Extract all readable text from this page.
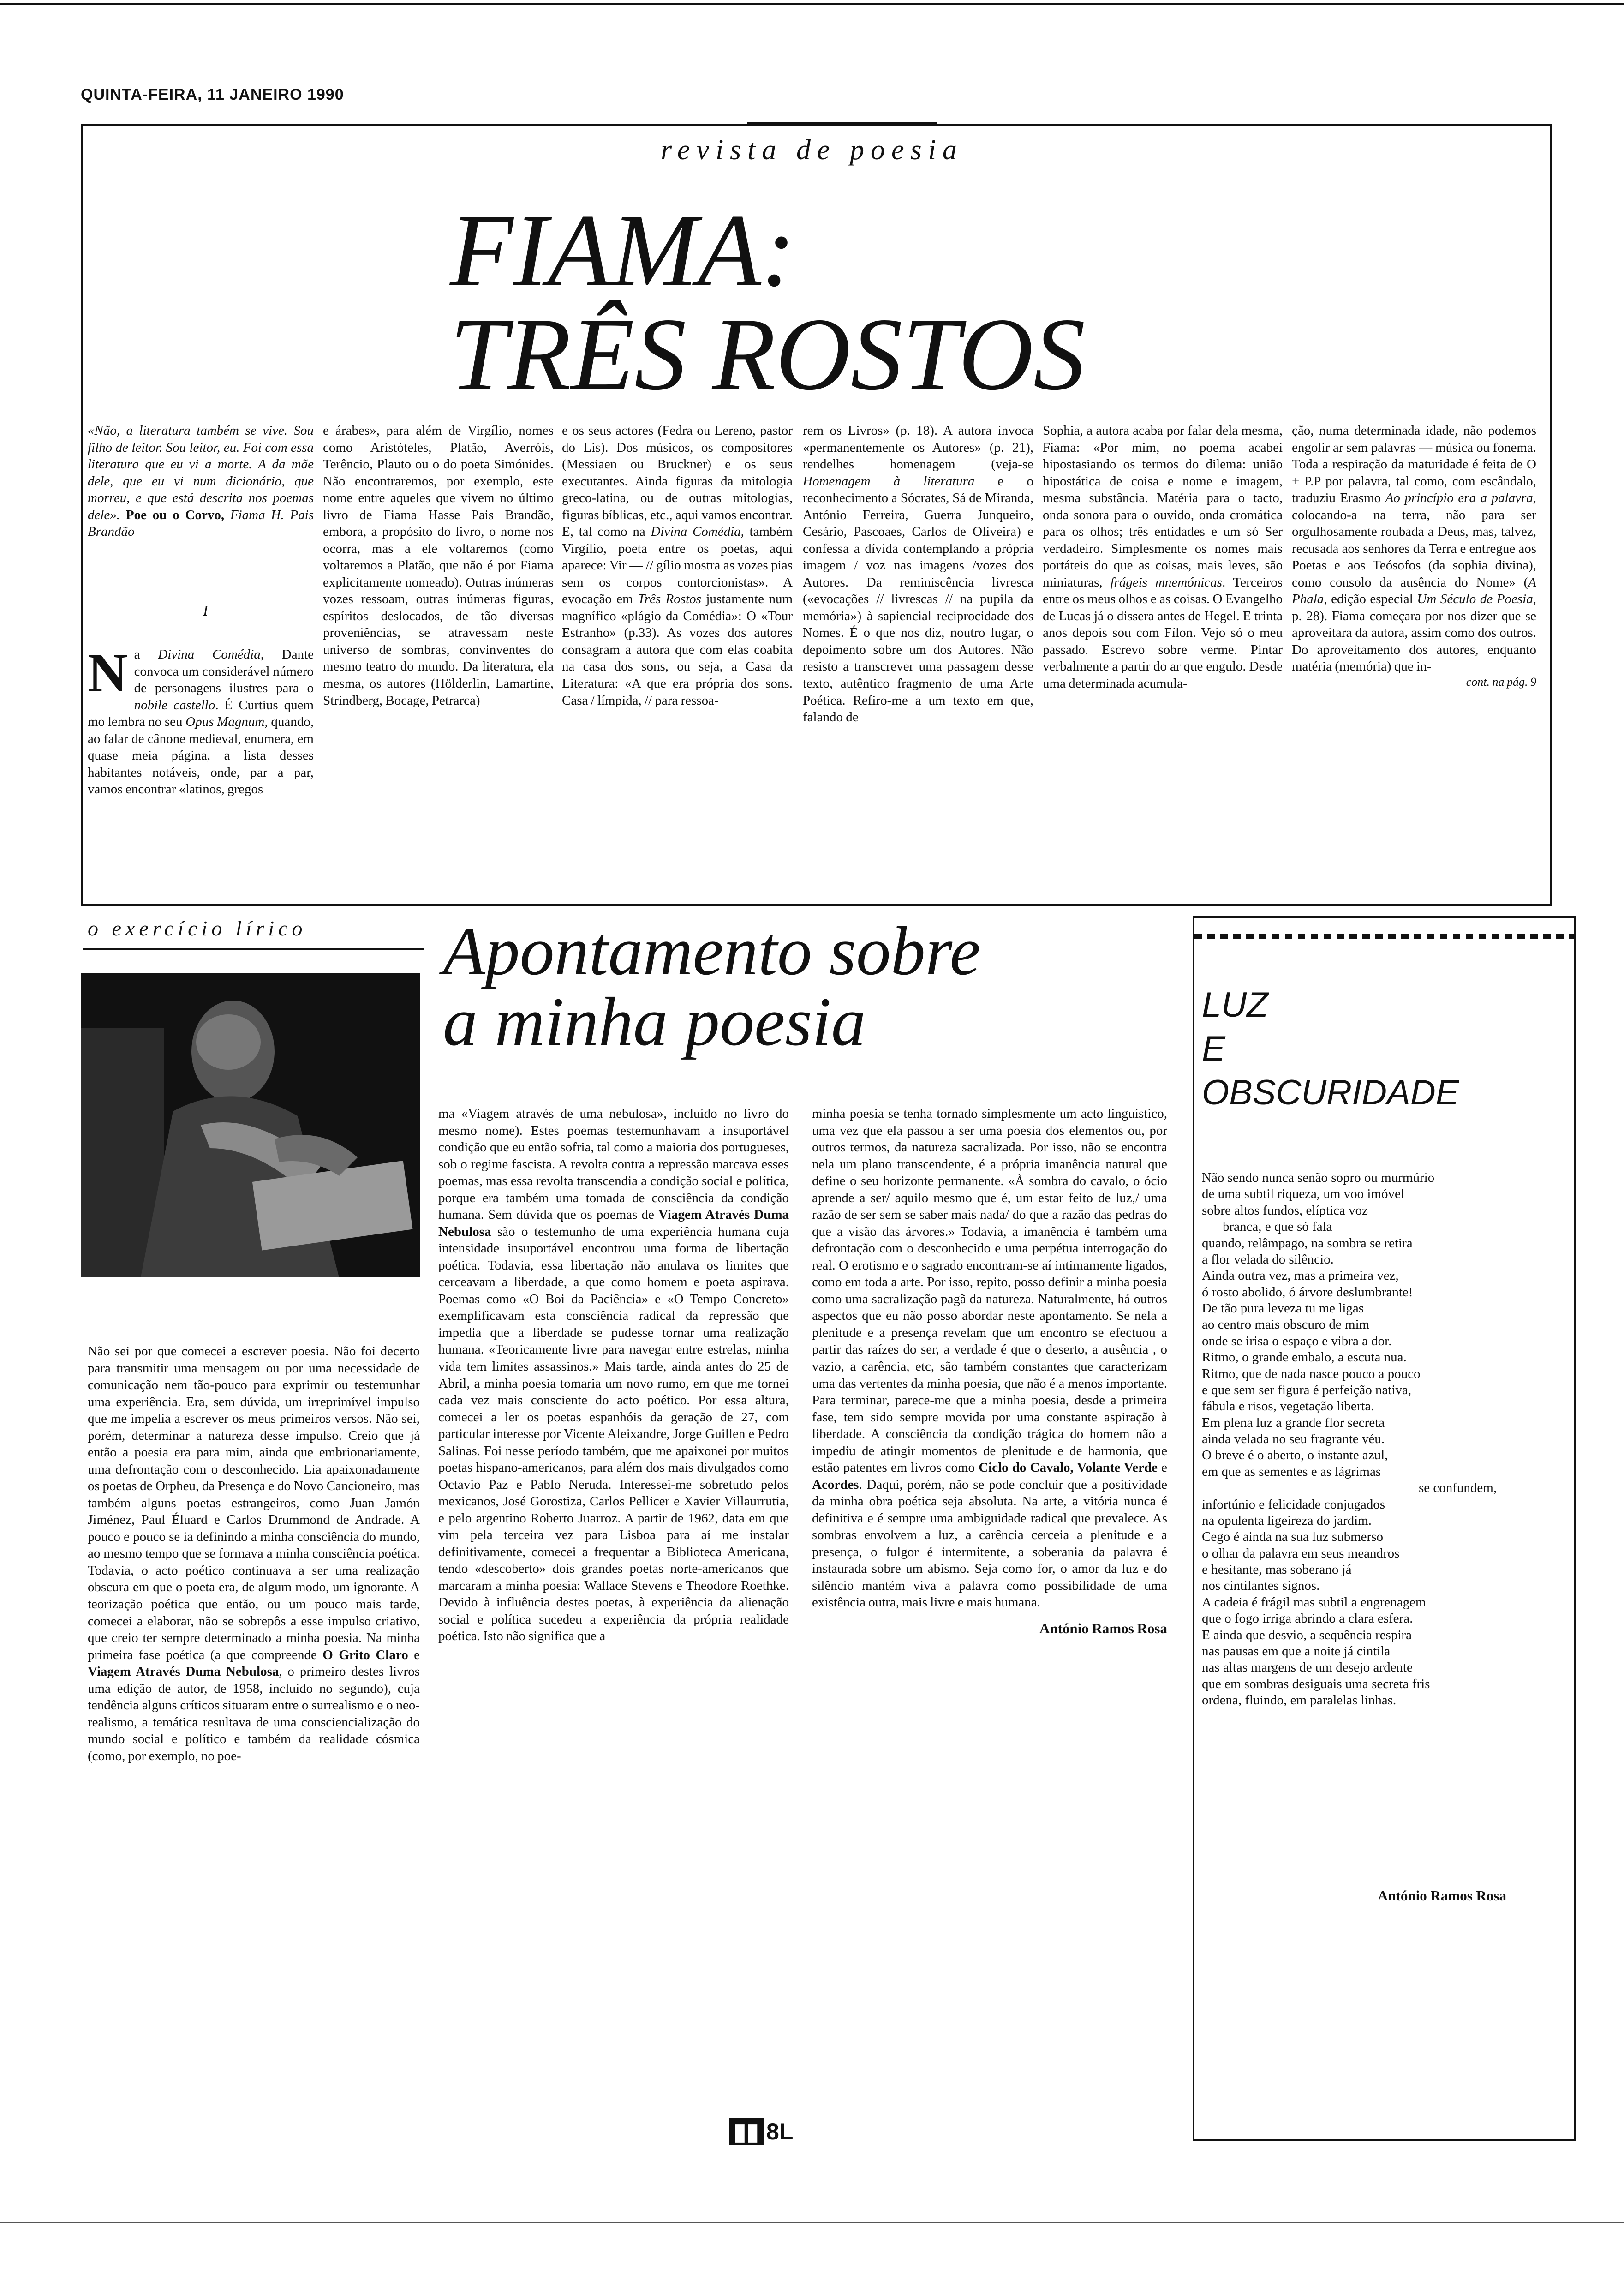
QUINTA-FEIRA, 11 JANEIRO 1990
revista de poesia
FIAMA:
TRÊS ROSTOS
«Não, a literatura também se vive. Sou filho de leitor. Sou leitor, eu. Foi com essa literatura que eu vi a morte. A da mãe dele, que eu vi num dicionário, que morreu, e que está descrita nos poemas dele». Poe ou o Corvo, Fiama H. Pais Brandão
I

Na Divina Comédia, Dante convoca um considerável número de personagens ilustres para o nobile castello. É Curtius quem mo lembra no seu Opus Magnum, quando, ao falar de cânone medieval, enumera, em quase meia página, a lista desses habitantes notáveis, onde, par a par, vamos encontrar «latinos, gregos

e árabes», para além de Virgílio, nomes como Aristóteles, Platão, Averróis, Terêncio, Plauto ou o do poeta Simónides. Não encontraremos, por exemplo, este nome entre aqueles que vivem no último livro de Fiama Hasse Pais Brandão, embora, a propósito do livro, o nome nos ocorra, mas a ele voltaremos (como voltaremos a Platão, que não é por Fiama explicitamente nomeado). Outras inúmeras vozes ressoam, outras inúmeras figuras, espíritos deslocados, de tão diversas proveniências, se atravessam neste universo de sombras, convinventes do mesmo teatro do mundo. Da literatura, ela mesma, os autores (Hölderlin, Lamartine, Strindberg, Bocage, Petrarca)

e os seus actores (Fedra ou Lereno, pastor do Lis). Dos músicos, os compositores (Messiaen ou Bruckner) e os seus executantes. Ainda figuras da mitologia greco-latina, ou de outras mitologias, figuras bíblicas, etc., aqui vamos encontrar. E, tal como na Divina Comédia, também Virgílio, poeta entre os poetas, aqui aparece: Vir — // gílio mostra as vozes pias sem os corpos contorcionistas». A evocação em Três Rostos justamente num magnífico «plágio da Comédia»: O «Tour Estranho» (p.33). As vozes dos autores consagram a autora que com elas coabita na casa dos sons, ou seja, a Casa da Literatura: «A que era própria dos sons. Casa / límpida, // para ressoa-

rem os Livros» (p. 18). A autora invoca «permanentemente os Autores» (p. 21), rendelhes homenagem (veja-se Homenagem à literatura e o reconhecimento a Sócrates, Sá de Miranda, António Ferreira, Guerra Junqueiro, Cesário, Pascoaes, Carlos de Oliveira) e confessa a dívida contemplando a própria imagem / voz nas imagens /vozes dos Autores. Da reminiscência livresca («evocações // livrescas // na pupila da memória») à sapiencial reciprocidade dos Nomes. É o que nos diz, noutro lugar, o depoimento sobre um dos Autores. Não resisto a transcrever uma passagem desse texto, autêntico fragmento de uma Arte Poética. Refiro-me a um texto em que, falando de

Sophia, a autora acaba por falar dela mesma, Fiama: «Por mim, no poema acabei hipostasiando os termos do dilema: união hipostática de coisa e nome e imagem, mesma substância. Matéria para o tacto, onda sonora para o ouvido, onda cromática para os olhos; três entidades e um só Ser verdadeiro. Simplesmente os nomes mais portáteis do que as coisas, mais leves, são miniaturas, frágeis mnemónicas. Terceiros entre os meus olhos e as coisas. O Evangelho de Lucas já o dissera antes de Hegel. E trinta anos depois sou com Fílon. Vejo só o meu passado. Escrevo sobre verme. Pintar verbalmente a partir do ar que engulo. Desde uma determinada acumula-

ção, numa determinada idade, não podemos engolir ar sem palavras — música ou fonema. Toda a respiração da maturidade é feita de O + P.P por palavra, tal como, com escândalo, traduziu Erasmo Ao princípio era a palavra, colocando-a na terra, não para ser orgulhosamente roubada a Deus, mas, talvez, recusada aos senhores da Terra e entregue aos Poetas e aos Teósofos (da sophia divina), como consolo da ausência do Nome» (A Phala, edição especial Um Século de Poesia, p. 28). Fiama começara por nos dizer que se aproveitara da autora, assim como dos outros. Do aproveitamento dos autores, enquanto matéria (memória) que in-

cont. na pág. 9

o exercício lírico Apontamento sobre
a minha poesia

Não sei por que comecei a escrever poesia. Não foi decerto para transmitir uma mensagem ou por uma necessidade de comunicação nem tão-pouco para exprimir ou testemunhar uma experiência. Era, sem dúvida, um irreprimível impulso que me impelia a escrever os meus primeiros versos. Não sei, porém, determinar a natureza desse impulso. Creio que já então a poesia era para mim, ainda que embrionariamente, uma defrontação com o desconhecido. Lia apaixonadamente os poetas de Orpheu, da Presença e do Novo Cancioneiro, mas também alguns poetas estrangeiros, como Juan Jamón Jiménez, Paul Éluard e Carlos Drummond de Andrade. A pouco e pouco se ia definindo a minha consciência do mundo, ao mesmo tempo que se formava a minha consciência poética. Todavia, o acto poético continuava a ser uma realização obscura em que o poeta era, de algum modo, um ignorante. A teorização poética que então, ou um pouco mais tarde, comecei a elaborar, não se sobrepôs a esse impulso criativo, que creio ter sempre determinado a minha poesia. Na minha primeira fase poética (a que compreende O Grito Claro e Viagem Através Duma Nebulosa, o primeiro destes livros uma edição de autor, de 1958, incluído no segundo), cuja tendência alguns críticos situaram entre o surrealismo e o neo-realismo, a temática resultava de uma consciencialização do mundo social e político e também da realidade cósmica (como, por exemplo, no poe-

ma «Viagem através de uma nebulosa», incluído no livro do mesmo nome). Estes poemas testemunhavam a insuportável condição que eu então sofria, tal como a maioria dos portugueses, sob o regime fascista. A revolta contra a repressão marcava esses poemas, mas essa revolta transcendia a condição social e política, porque era também uma tomada de consciência da condição humana. Sem dúvida que os poemas de Viagem Através Duma Nebulosa são o testemunho de uma experiência humana cuja intensidade insuportável encontrou uma forma de libertação poética. Todavia, essa libertação não anulava os limites que cerceavam a liberdade, a que como homem e poeta aspirava. Poemas como «O Boi da Paciência» e «O Tempo Concreto» exemplificavam esta consciência radical da repressão que impedia que a liberdade se pudesse tornar uma realização humana. «Teoricamente livre para navegar entre estrelas, minha vida tem limites assassinos.» Mais tarde, ainda antes do 25 de Abril, a minha poesia tomaria um novo rumo, em que me tornei cada vez mais consciente do acto poético. Por essa altura, comecei a ler os poetas espanhóis da geração de 27, com particular interesse por Vicente Aleixandre, Jorge Guillen e Pedro Salinas. Foi nesse período também, que me apaixonei por muitos poetas hispano-americanos, para além dos mais divulgados como Octavio Paz e Pablo Neruda. Interessei-me sobretudo pelos mexicanos, José Gorostiza, Carlos Pellicer e Xavier Villaurrutia, e pelo argentino Roberto Juarroz. A partir de 1962, data em que vim pela terceira vez para Lisboa para aí me instalar definitivamente, comecei a frequentar a Biblioteca Americana, tendo «descoberto» dois grandes poetas norte-americanos que marcaram a minha poesia: Wallace Stevens e Theodore Roethke. Devido à influência destes poetas, à experiência da alienação social e política sucedeu a experiência da própria realidade poética. Isto não significa que a

minha poesia se tenha tornado simplesmente um acto linguístico, uma vez que ela passou a ser uma poesia dos elementos ou, por outros termos, da natureza sacralizada. Por isso, não se encontra nela um plano transcendente, é a própria imanência natural que define o seu horizonte permanente. «À sombra do cavalo, o ócio aprende a ser/ aquilo mesmo que é, um estar feito de luz,/ uma razão de ser sem se saber mais nada/ do que a razão das pedras do que a visão das árvores.» Todavia, a imanência é também uma defrontação com o desconhecido e uma perpétua interrogação do real. O erotismo e o sagrado encontram-se aí intimamente ligados, como em toda a arte. Por isso, repito, posso definir a minha poesia como uma sacralização pagã da natureza. Naturalmente, há outros aspectos que eu não posso abordar neste apontamento. Se nela a plenitude e a presença revelam que um encontro se efectuou a partir das raízes do ser, a verdade é que o deserto, a ausência , o vazio, a carência, etc, são também constantes que caracterizam uma das vertentes da minha poesia, que não é a menos importante. Para terminar, parece-me que a minha poesia, desde a primeira fase, tem sido sempre movida por uma constante aspiração à liberdade. A consciência da condição trágica do homem não a impediu de atingir momentos de plenitude e de harmonia, que estão patentes em livros como Ciclo do Cavalo, Volante Verde e Acordes. Daqui, porém, não se pode concluir que a positividade da minha obra poética seja absoluta. Na arte, a vitória nunca é definitiva e é sempre uma ambiguidade radical que prevalece. As sombras envolvem a luz, a carência cerceia a plenitude e a presença, o fulgor é intermitente, a soberania da palavra é instaurada sobre um abismo. Seja como for, o amor da luz e do silêncio mantém viva a palavra como possibilidade de uma existência outra, mais livre e mais humana.

António Ramos Rosa

LUZ
E
OBSCURIDADE

Não sendo nunca senão sopro ou murmúrio

de uma subtil riqueza, um voo imóvel

sobre altos fundos, elíptica voz

branca, e que só fala

quando, relâmpago, na sombra se retira

a flor velada do silêncio.

Ainda outra vez, mas a primeira vez,

ó rosto abolido, ó árvore deslumbrante!

De tão pura leveza tu me ligas

ao centro mais obscuro de mim

onde se irisa o espaço e vibra a dor.

Ritmo, o grande embalo, a escuta nua.

Ritmo, que de nada nasce pouco a pouco

e que sem ser figura é perfeição nativa,

fábula e risos, vegetação liberta.

Em plena luz a grande flor secreta

ainda velada no seu fragrante véu.

O breve é o aberto, o instante azul,

em que as sementes e as lágrimas

se confundem,

infortúnio e felicidade conjugados

na opulenta ligeireza do jardim.

Cego é ainda na sua luz submerso

o olhar da palavra em seus meandros

e hesitante, mas soberano já

nos cintilantes signos.

A cadeia é frágil mas subtil a engrenagem

que o fogo irriga abrindo a clara esfera.

E ainda que desvio, a sequência respira

nas pausas em que a noite já cintila

nas altas margens de um desejo ardente

que em sombras desiguais uma secreta fris

ordena, fluindo, em paralelas linhas.

António Ramos Rosa
▮▮ 8L
